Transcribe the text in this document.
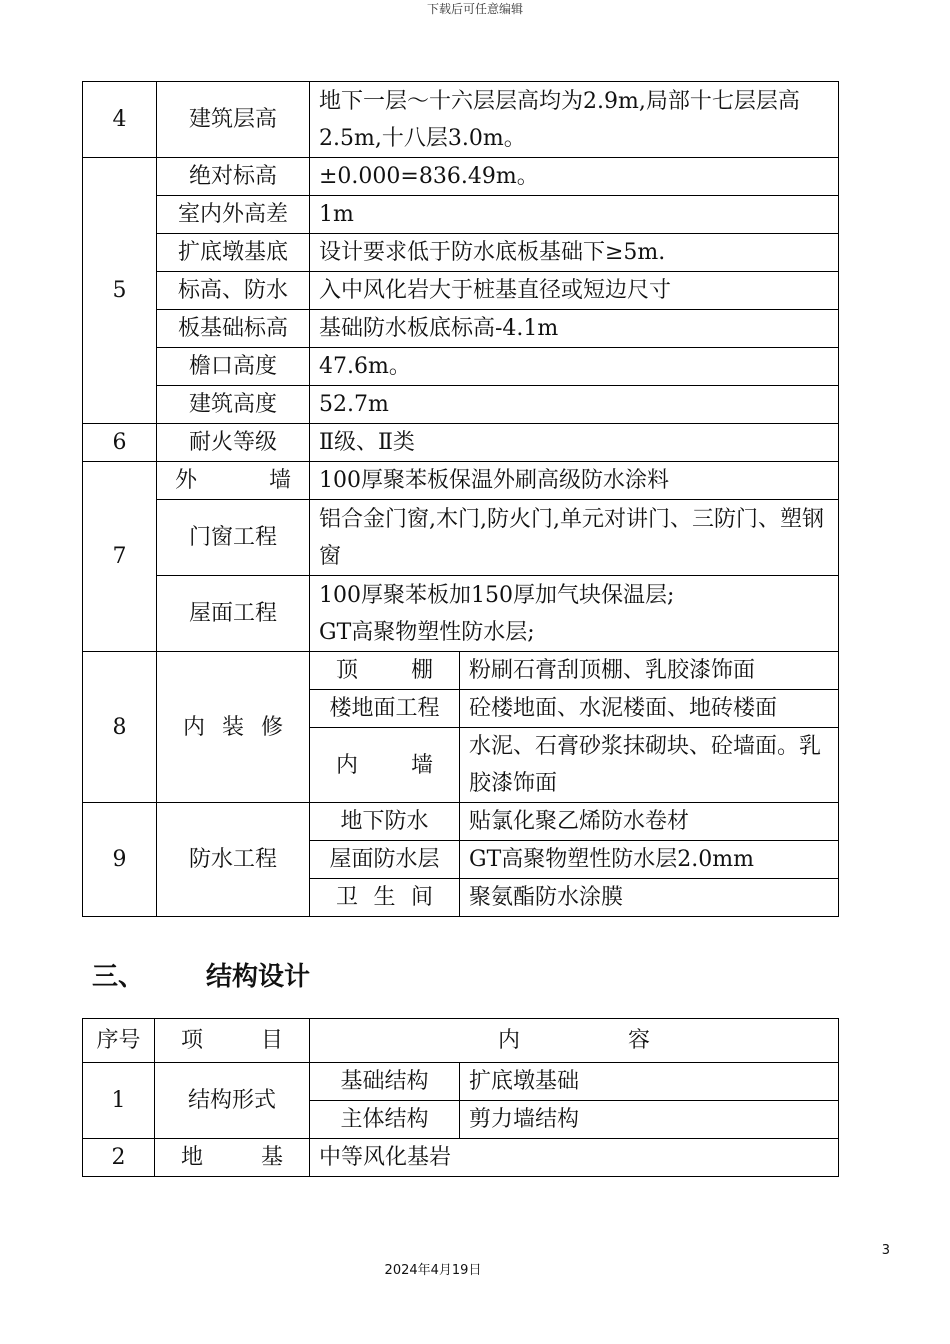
下载后可任意编辑
4	建筑层高	地下一层～十六层层高均为2.9m,局部十七层层高2.5m,十八层3.0m。	
5	绝对标高	±0.000=836.49m。	
	室内外高差	1m	
	扩底墩基底	设计要求低于防水底板基础下≥5m.	
	标高、防水	入中风化岩大于桩基直径或短边尺寸	
	板基础标高	基础防水板底标高-4.1m	
	檐口高度	47.6m。	
	建筑高度	52.7m	
6	耐火等级	Ⅱ级、Ⅱ类	
7	外墙	100厚聚苯板保温外刷高级防水涂料	
	门窗工程	铝合金门窗,木门,防火门,单元对讲门、三防门、塑钢窗	
	屋面工程	100厚聚苯板加150厚加气块保温层;
GT高聚物塑性防水层;	

8	内装修	顶棚	粉刷石膏刮顶棚、乳胶漆饰面
		楼地面工程	砼楼地面、水泥楼面、地砖楼面
		内墙	水泥、石膏砂浆抹砌块、砼墙面。乳胶漆饰面
9	防水工程	地下防水	贴氯化聚乙烯防水卷材
		屋面防水层	GT高聚物塑性防水层2.0mm
		卫生间	聚氨酯防水涂膜
三、 结构设计
序号	项目	内容	

1	结构形式	基础结构	扩底墩基础
		主体结构	剪力墙结构
2	地基	中等风化基岩	
3
2024年4月19日
